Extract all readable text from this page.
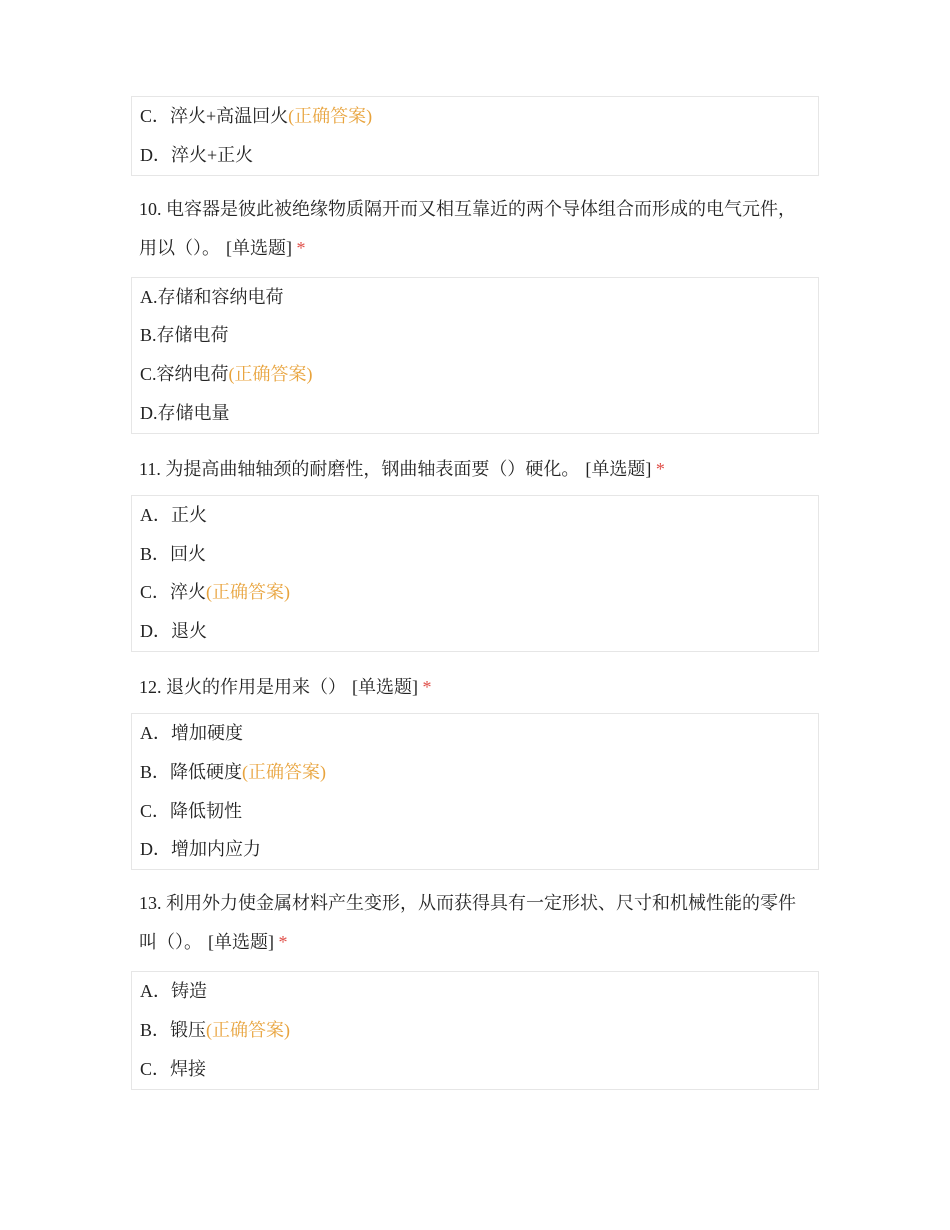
C．淬火+高温回火(正确答案)
D．淬火+正火
10. 电容器是彼此被绝缘物质隔开而又相互靠近的两个导体组合而形成的电气元件，用以（）。 [单选题] *
A.存储和容纳电荷
B.存储电荷
C.容纳电荷(正确答案)
D.存储电量
11. 为提高曲轴轴颈的耐磨性，钢曲轴表面要（）硬化。 [单选题] *
A．正火
B．回火
C．淬火(正确答案)
D．退火
12. 退火的作用是用来（） [单选题] *
A．增加硬度
B．降低硬度(正确答案)
C．降低韧性
D．增加内应力
13. 利用外力使金属材料产生变形，从而获得具有一定形状、尺寸和机械性能的零件叫（）。 [单选题] *
A．铸造
B．锻压(正确答案)
C．焊接
